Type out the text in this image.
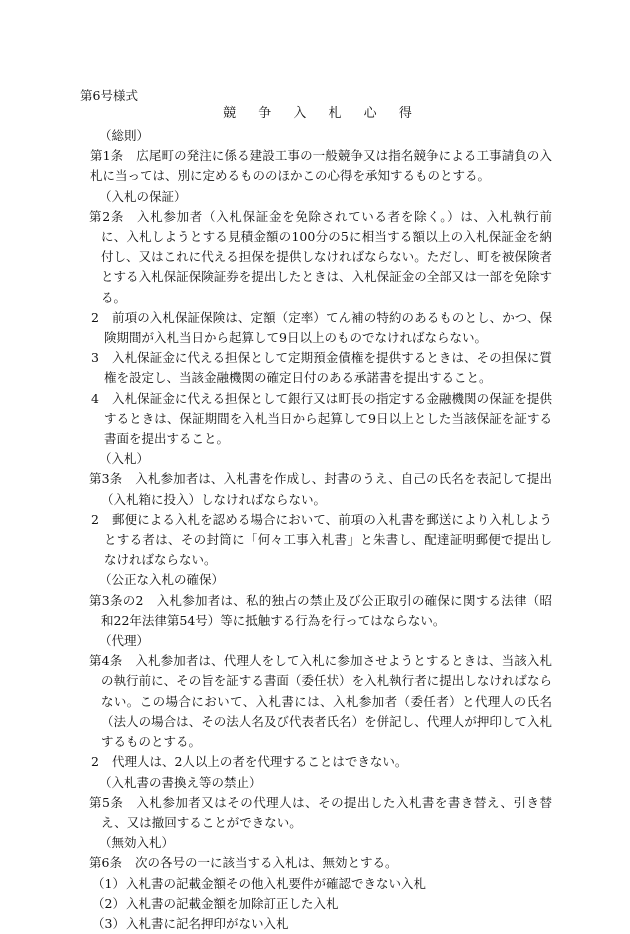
第6号様式
競 争 入 札 心 得
（総則）
第1条 広尾町の発注に係る建設工事の一般競争又は指名競争による工事請負の入札に当っては、別に定めるもののほかこの心得を承知するものとする。
（入札の保証）
第2条 入札参加者（入札保証金を免除されている者を除く。）は、入札執行前に、入札しようとする見積金額の100分の5に相当する額以上の入札保証金を納付し、又はこれに代える担保を提供しなければならない。ただし、町を被保険者とする入札保証保険証券を提出したときは、入札保証金の全部又は一部を免除する。
2 前項の入札保証保険は、定額（定率）てん補の特約のあるものとし、かつ、保険期間が入札当日から起算して9日以上のものでなければならない。
3 入札保証金に代える担保として定期預金債権を提供するときは、その担保に質権を設定し、当該金融機関の確定日付のある承諾書を提出すること。
4 入札保証金に代える担保として銀行又は町長の指定する金融機関の保証を提供するときは、保証期間を入札当日から起算して9日以上とした当該保証を証する書面を提出すること。
（入札）
第3条 入札参加者は、入札書を作成し、封書のうえ、自己の氏名を表記して提出（入札箱に投入）しなければならない。
2 郵便による入札を認める場合において、前項の入札書を郵送により入札しようとする者は、その封筒に「何々工事入札書」と朱書し、配達証明郵便で提出しなければならない。
（公正な入札の確保）
第3条の2 入札参加者は、私的独占の禁止及び公正取引の確保に関する法律（昭和22年法律第54号）等に抵触する行為を行ってはならない。
（代理）
第4条 入札参加者は、代理人をして入札に参加させようとするときは、当該入札の執行前に、その旨を証する書面（委任状）を入札執行者に提出しなければならない。この場合において、入札書には、入札参加者（委任者）と代理人の氏名（法人の場合は、その法人名及び代表者氏名）を併記し、代理人が押印して入札するものとする。
2 代理人は、2人以上の者を代理することはできない。
（入札書の書換え等の禁止）
第5条 入札参加者又はその代理人は、その提出した入札書を書き替え、引き替え、又は撤回することができない。
（無効入札）
第6条 次の各号の一に該当する入札は、無効とする。
（1）入札書の記載金額その他入札要件が確認できない入札
（2）入札書の記載金額を加除訂正した入札
（3）入札書に記名押印がない入札
